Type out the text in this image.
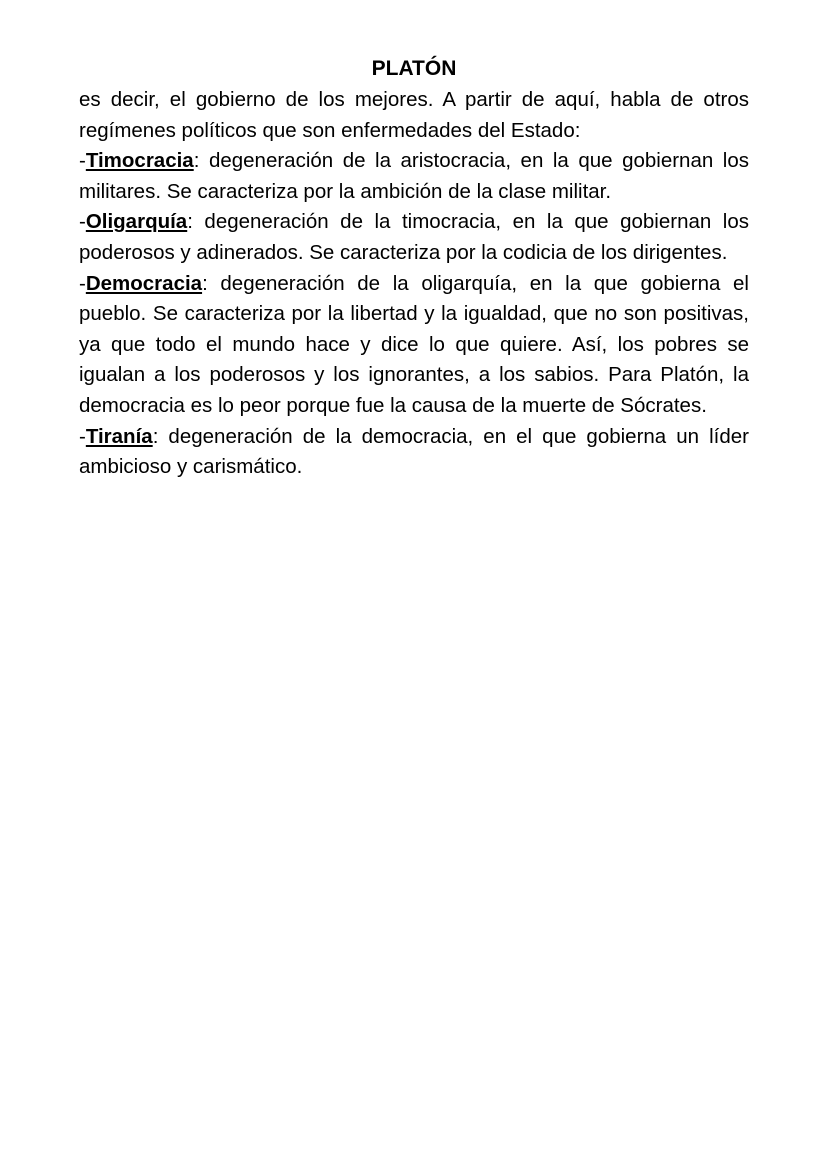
PLATÓN

es decir, el gobierno de los mejores. A partir de aquí, habla de otros regímenes políticos que son enfermedades del Estado:

-Timocracia: degeneración de la aristocracia, en la que gobiernan los militares. Se caracteriza por la ambición de la clase militar.

-Oligarquía: degeneración de la timocracia, en la que gobiernan los poderosos y adinerados. Se caracteriza por la codicia de los dirigentes.

-Democracia: degeneración de la oligarquía, en la que gobierna el pueblo. Se caracteriza por la libertad y la igualdad, que no son positivas, ya que todo el mundo hace y dice lo que quiere. Así, los pobres se igualan a los poderosos y los ignorantes, a los sabios. Para Platón, la democracia es lo peor porque fue la causa de la muerte de Sócrates.

-Tiranía: degeneración de la democracia, en el que gobierna un líder ambicioso y carismático.
